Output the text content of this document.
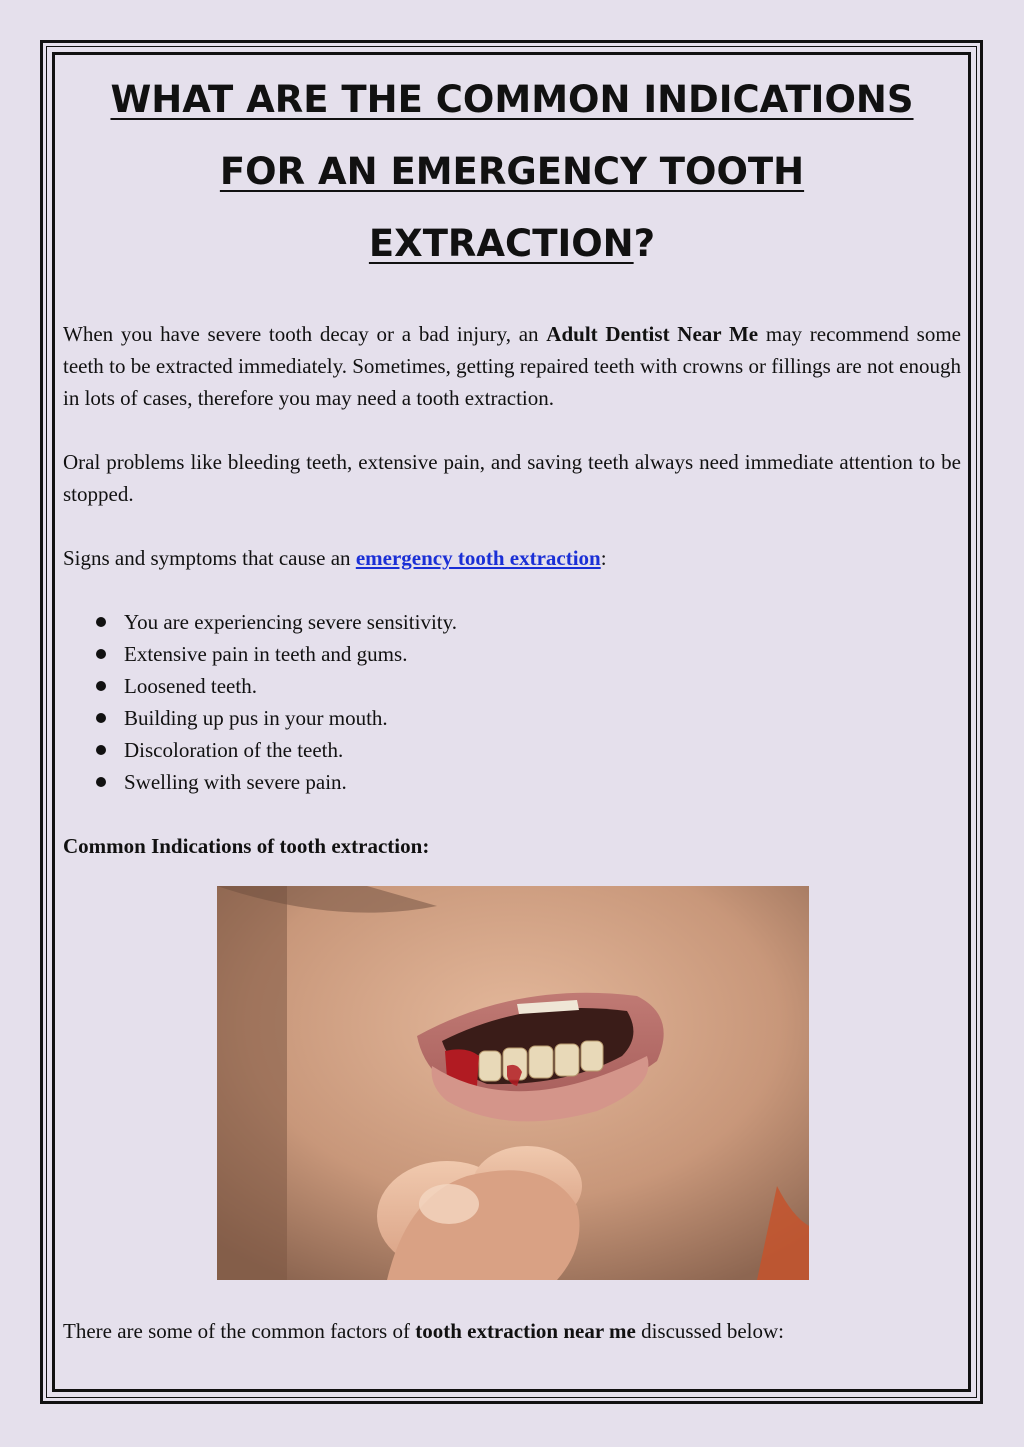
WHAT ARE THE COMMON INDICATIONS
FOR AN EMERGENCY TOOTH
EXTRACTION?

When you have severe tooth decay or a bad injury, an Adult Dentist Near Me may recommend some teeth to be extracted immediately. Sometimes, getting repaired teeth with crowns or fillings are not enough in lots of cases, therefore you may need a tooth extraction.

Oral problems like bleeding teeth, extensive pain, and saving teeth always need immediate attention to be stopped.

Signs and symptoms that cause an emergency tooth extraction:

You are experiencing severe sensitivity.
Extensive pain in teeth and gums.
Loosened teeth.
Building up pus in your mouth.
Discoloration of the teeth.
Swelling with severe pain.
Common Indications of tooth extraction:

There are some of the common factors of tooth extraction near me discussed below:
